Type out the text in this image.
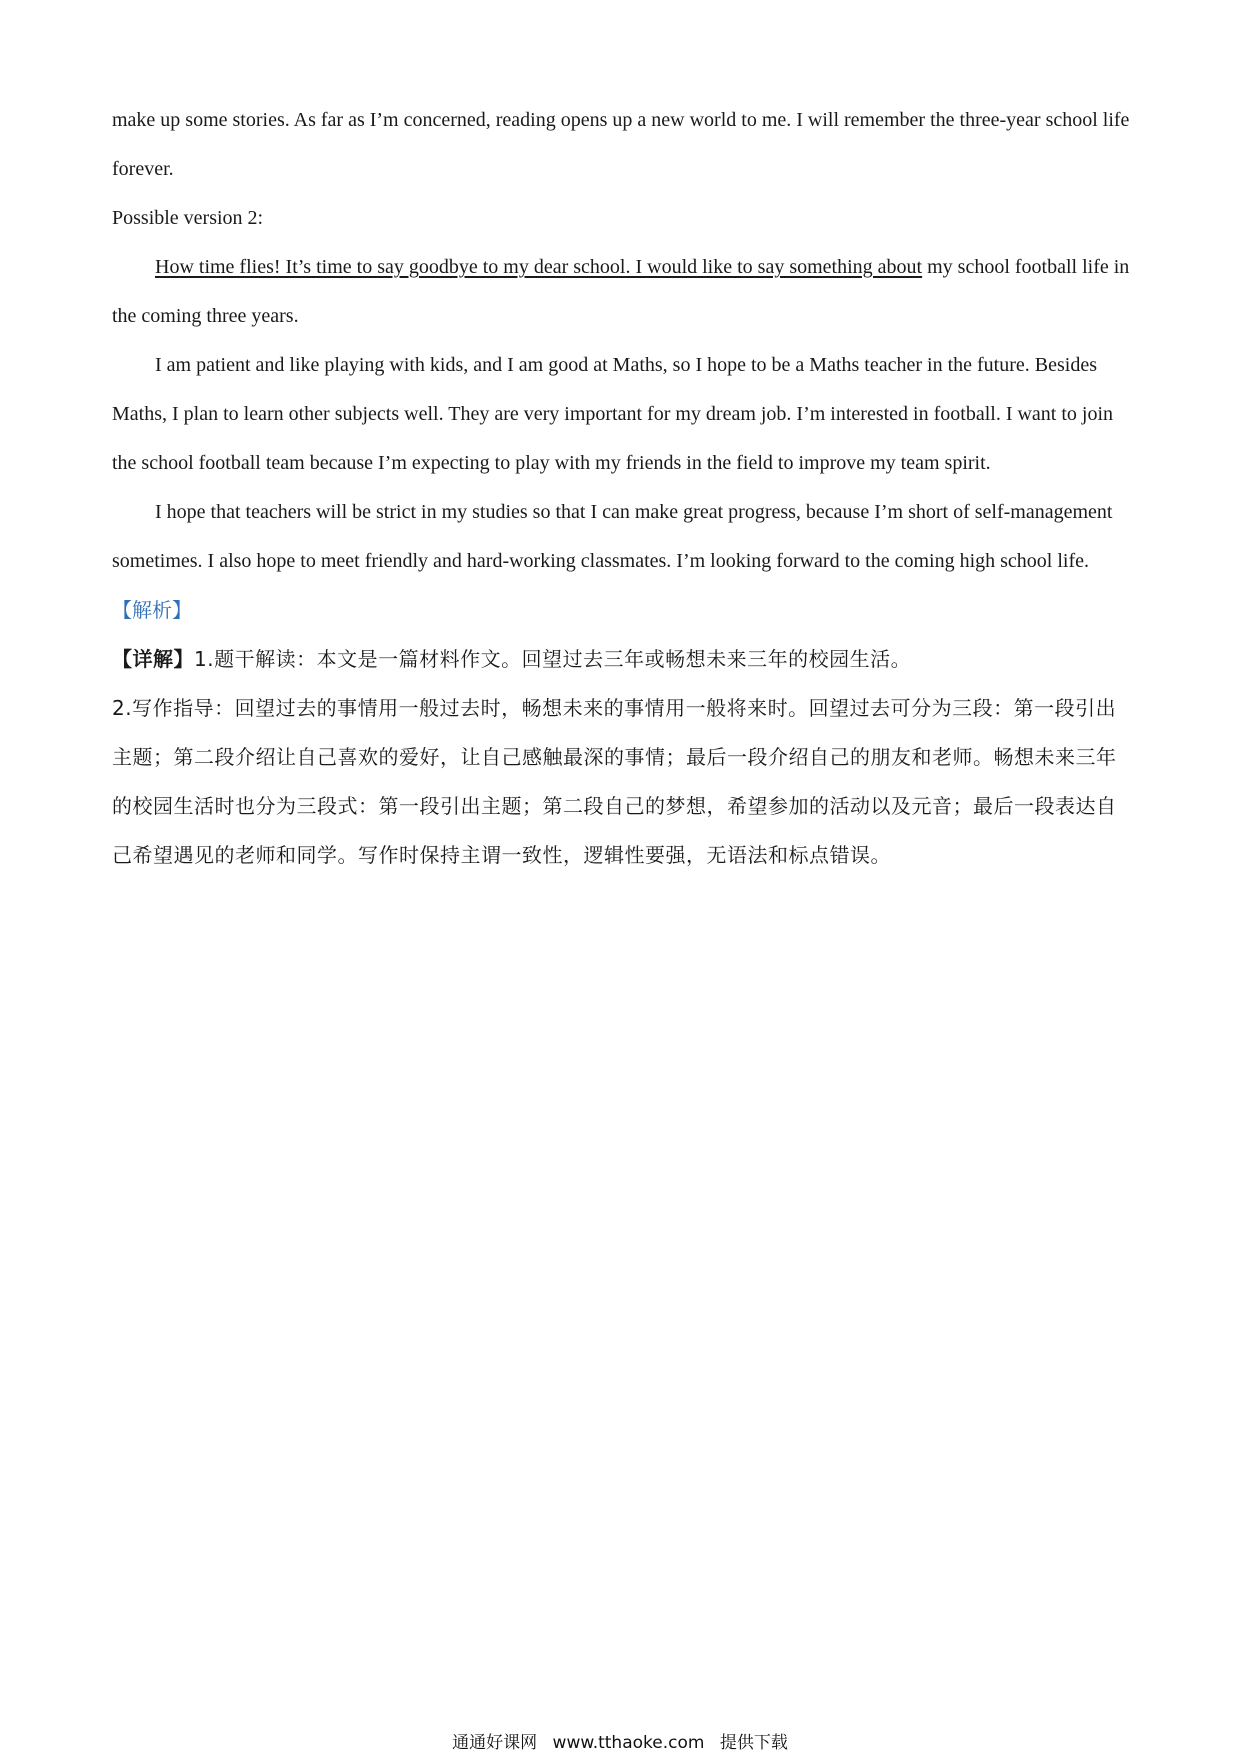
make up some stories. As far as I’m concerned, reading opens up a new world to me. I will remember the three-year school life forever.

Possible version 2:

How time flies! It’s time to say goodbye to my dear school. I would like to say something about my school football life in the coming three years.

I am patient and like playing with kids, and I am good at Maths, so I hope to be a Maths teacher in the future. Besides Maths, I plan to learn other subjects well. They are very important for my dream job. I’m interested in football. I want to join the school football team because I’m expecting to play with my friends in the field to improve my team spirit.

I hope that teachers will be strict in my studies so that I can make great progress, because I’m short of self-management sometimes. I also hope to meet friendly and hard-working classmates. I’m looking forward to the coming high school life.

【解析】

【详解】1.题干解读：本文是一篇材料作文。回望过去三年或畅想未来三年的校园生活。

2.写作指导：回望过去的事情用一般过去时，畅想未来的事情用一般将来时。回望过去可分为三段：第一段引出主题；第二段介绍让自己喜欢的爱好，让自己感触最深的事情；最后一段介绍自己的朋友和老师。畅想未来三年的校园生活时也分为三段式：第一段引出主题；第二段自己的梦想，希望参加的活动以及元音；最后一段表达自己希望遇见的老师和同学。写作时保持主谓一致性，逻辑性要强，无语法和标点错误。

通通好课网 www.tthaoke.com 提供下载
